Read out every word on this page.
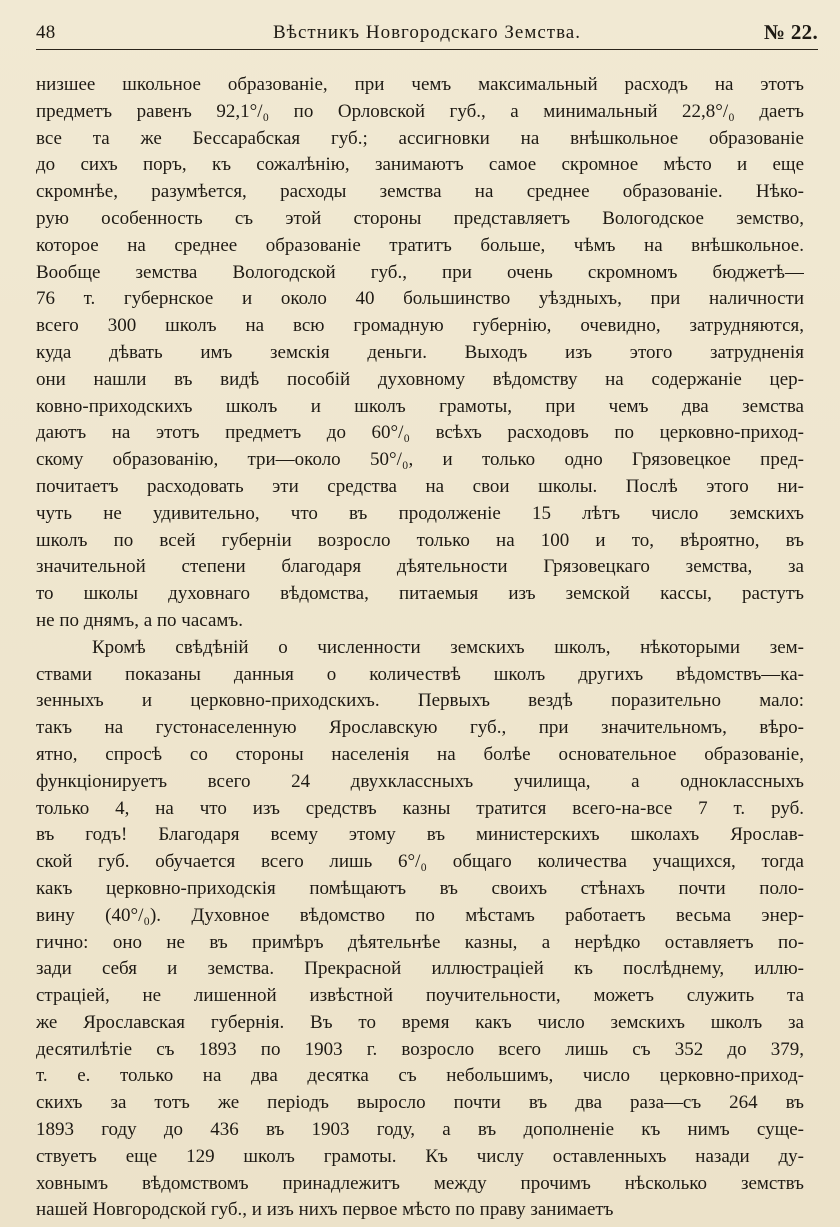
48	Вѣстникъ Новгородскаго Земства.	№ 22.
низшее школьное образованіе, при чемъ максимальный расходъ на этотъ
предметъ равенъ 92,1°/₀ по Орловской губ., а минимальный 22,8°/₀ даетъ
все та же Бессарабская губ.; ассигновки на внѣшкольное образованіе
до сихъ поръ, къ сожалѣнію, занимаютъ самое скромное мѣсто и еще
скромнѣе, разумѣется, расходы земства на среднее образованіе. Нѣко-
рую особенность съ этой стороны представляетъ Вологодское земство,
которое на среднее образованіе тратитъ больше, чѣмъ на внѣшкольное.
Вообще земства Вологодской губ., при очень скромномъ бюджетѣ—
76 т. губернское и около 40 большинство уѣздныхъ, при наличности
всего 300 школъ на всю громадную губернію, очевидно, затрудняются,
куда дѣвать имъ земскія деньги. Выходъ изъ этого затрудненія
они нашли въ видѣ пособій духовному вѣдомству на содержаніе цер-
ковно-приходскихъ школъ и школъ грамоты, при чемъ два земства
даютъ на этотъ предметъ до 60°/₀ всѣхъ расходовъ по церковно-приход-
скому образованію, три—около 50°/₀, и только одно Грязовецкое пред-
почитаетъ расходовать эти средства на свои школы. Послѣ этого ни-
чуть не удивительно, что въ продолженіе 15 лѣтъ число земскихъ
школъ по всей губерніи возросло только на 100 и то, вѣроятно, въ
значительной степени благодаря дѣятельности Грязовецкаго земства, за
то школы духовнаго вѣдомства, питаемыя изъ земской кассы, растутъ
не по днямъ, а по часамъ.
Кромѣ свѣдѣній о численности земскихъ школъ, нѣкоторыми зем-
ствами показаны данныя о количествѣ школъ другихъ вѣдомствъ—ка-
зенныхъ и церковно-приходскихъ. Первыхъ вездѣ поразительно мало:
такъ на густонаселенную Ярославскую губ., при значительномъ, вѣро-
ятно, спросѣ со стороны населенія на болѣе основательное образованіе,
функціонируетъ всего 24 двухклассныхъ училища, а одноклассныхъ
только 4, на что изъ средствъ казны тратится всего-на-все 7 т. руб.
въ годъ! Благодаря всему этому въ министерскихъ школахъ Ярослав-
ской губ. обучается всего лишь 6°/₀ общаго количества учащихся, тогда
какъ церковно-приходскія помѣщаютъ въ своихъ стѣнахъ почти поло-
вину (40°/₀). Духовное вѣдомство по мѣстамъ работаетъ весьма энер-
гично: оно не въ примѣръ дѣятельнѣе казны, а нерѣдко оставляетъ по-
зади себя и земства. Прекрасной иллюстраціей къ послѣднему, иллю-
страціей, не лишенной извѣстной поучительности, можетъ служить та
же Ярославская губернія. Въ то время какъ число земскихъ школъ за
десятилѣтіе съ 1893 по 1903 г. возросло всего лишь съ 352 до 379,
т. е. только на два десятка съ небольшимъ, число церковно-приход-
скихъ за тотъ же періодъ выросло почти въ два раза—съ 264 въ
1893 году до 436 въ 1903 году, а въ дополненіе къ нимъ суще-
ствуетъ еще 129 школъ грамоты. Къ числу оставленныхъ назади ду-
ховнымъ вѣдомствомъ принадлежитъ между прочимъ нѣсколько земствъ
нашей Новгородской губ., и изъ нихъ первое мѣсто по праву занимаетъ
